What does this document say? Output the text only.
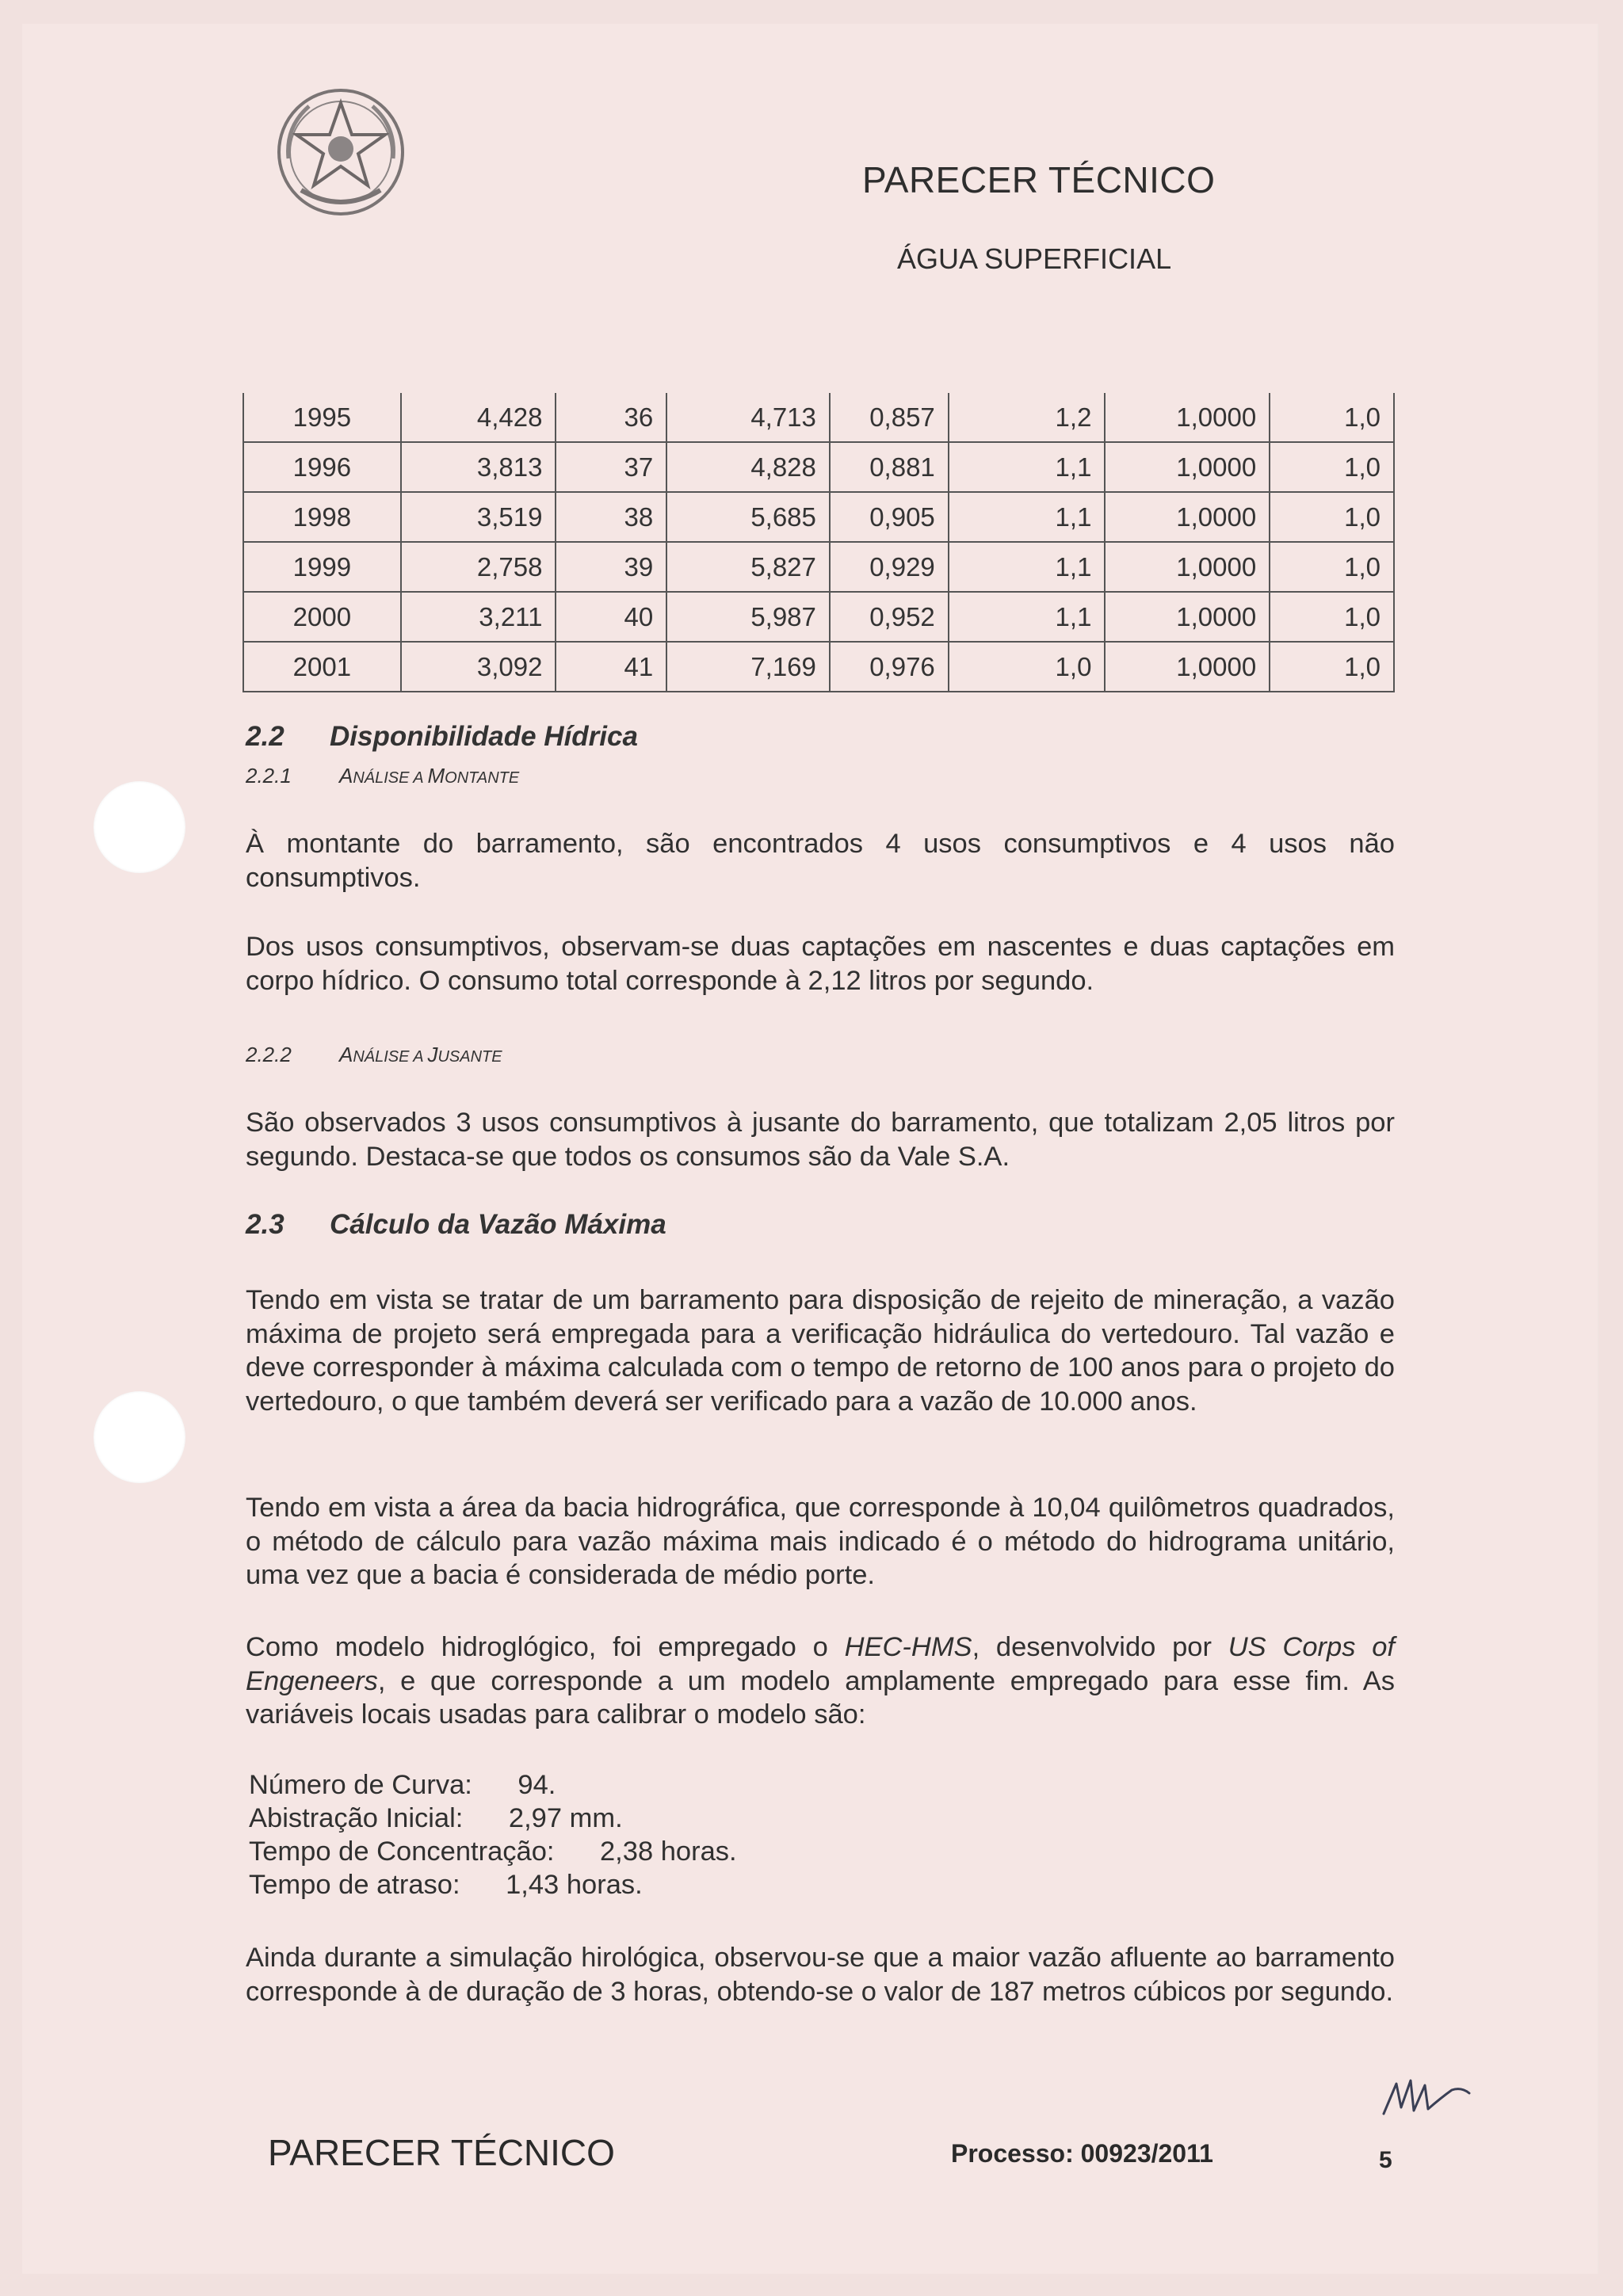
PARECER TÉCNICO
ÁGUA SUPERFICIAL
1995	4,428	36	4,713	0,857	1,2	1,0000	1,0
1996	3,813	37	4,828	0,881	1,1	1,0000	1,0
1998	3,519	38	5,685	0,905	1,1	1,0000	1,0
1999	2,758	39	5,827	0,929	1,1	1,0000	1,0
2000	3,211	40	5,987	0,952	1,1	1,0000	1,0
2001	3,092	41	7,169	0,976	1,0	1,0000	1,0
2.2 Disponibilidade Hídrica
2.2.1 ANÁLISE A MONTANTE
À montante do barramento, são encontrados 4 usos consumptivos e 4 usos não consumptivos.
Dos usos consumptivos, observam-se duas captações em nascentes e duas captações em corpo hídrico. O consumo total corresponde à 2,12 litros por segundo.
2.2.2 ANÁLISE A JUSANTE
São observados 3 usos consumptivos à jusante do barramento, que totalizam 2,05 litros por segundo. Destaca-se que todos os consumos são da Vale S.A.
2.3 Cálculo da Vazão Máxima
Tendo em vista se tratar de um barramento para disposição de rejeito de mineração, a vazão máxima de projeto será empregada para a verificação hidráulica do vertedouro. Tal vazão e deve corresponder à máxima calculada com o tempo de retorno de 100 anos para o projeto do vertedouro, o que também deverá ser verificado para a vazão de 10.000 anos.
Tendo em vista a área da bacia hidrográfica, que corresponde à 10,04 quilômetros quadrados, o método de cálculo para vazão máxima mais indicado é o método do hidrograma unitário, uma vez que a bacia é considerada de médio porte.
Como modelo hidroglógico, foi empregado o HEC-HMS, desenvolvido por US Corps of Engeneers, e que corresponde a um modelo amplamente empregado para esse fim. As variáveis locais usadas para calibrar o modelo são:
Número de Curva: 94.
Abistração Inicial: 2,97 mm.
Tempo de Concentração: 2,38 horas.
Tempo de atraso: 1,43 horas.
Ainda durante a simulação hirológica, observou-se que a maior vazão afluente ao barramento corresponde à de duração de 3 horas, obtendo-se o valor de 187 metros cúbicos por segundo.
PARECER TÉCNICO	Processo: 00923/2011	5
